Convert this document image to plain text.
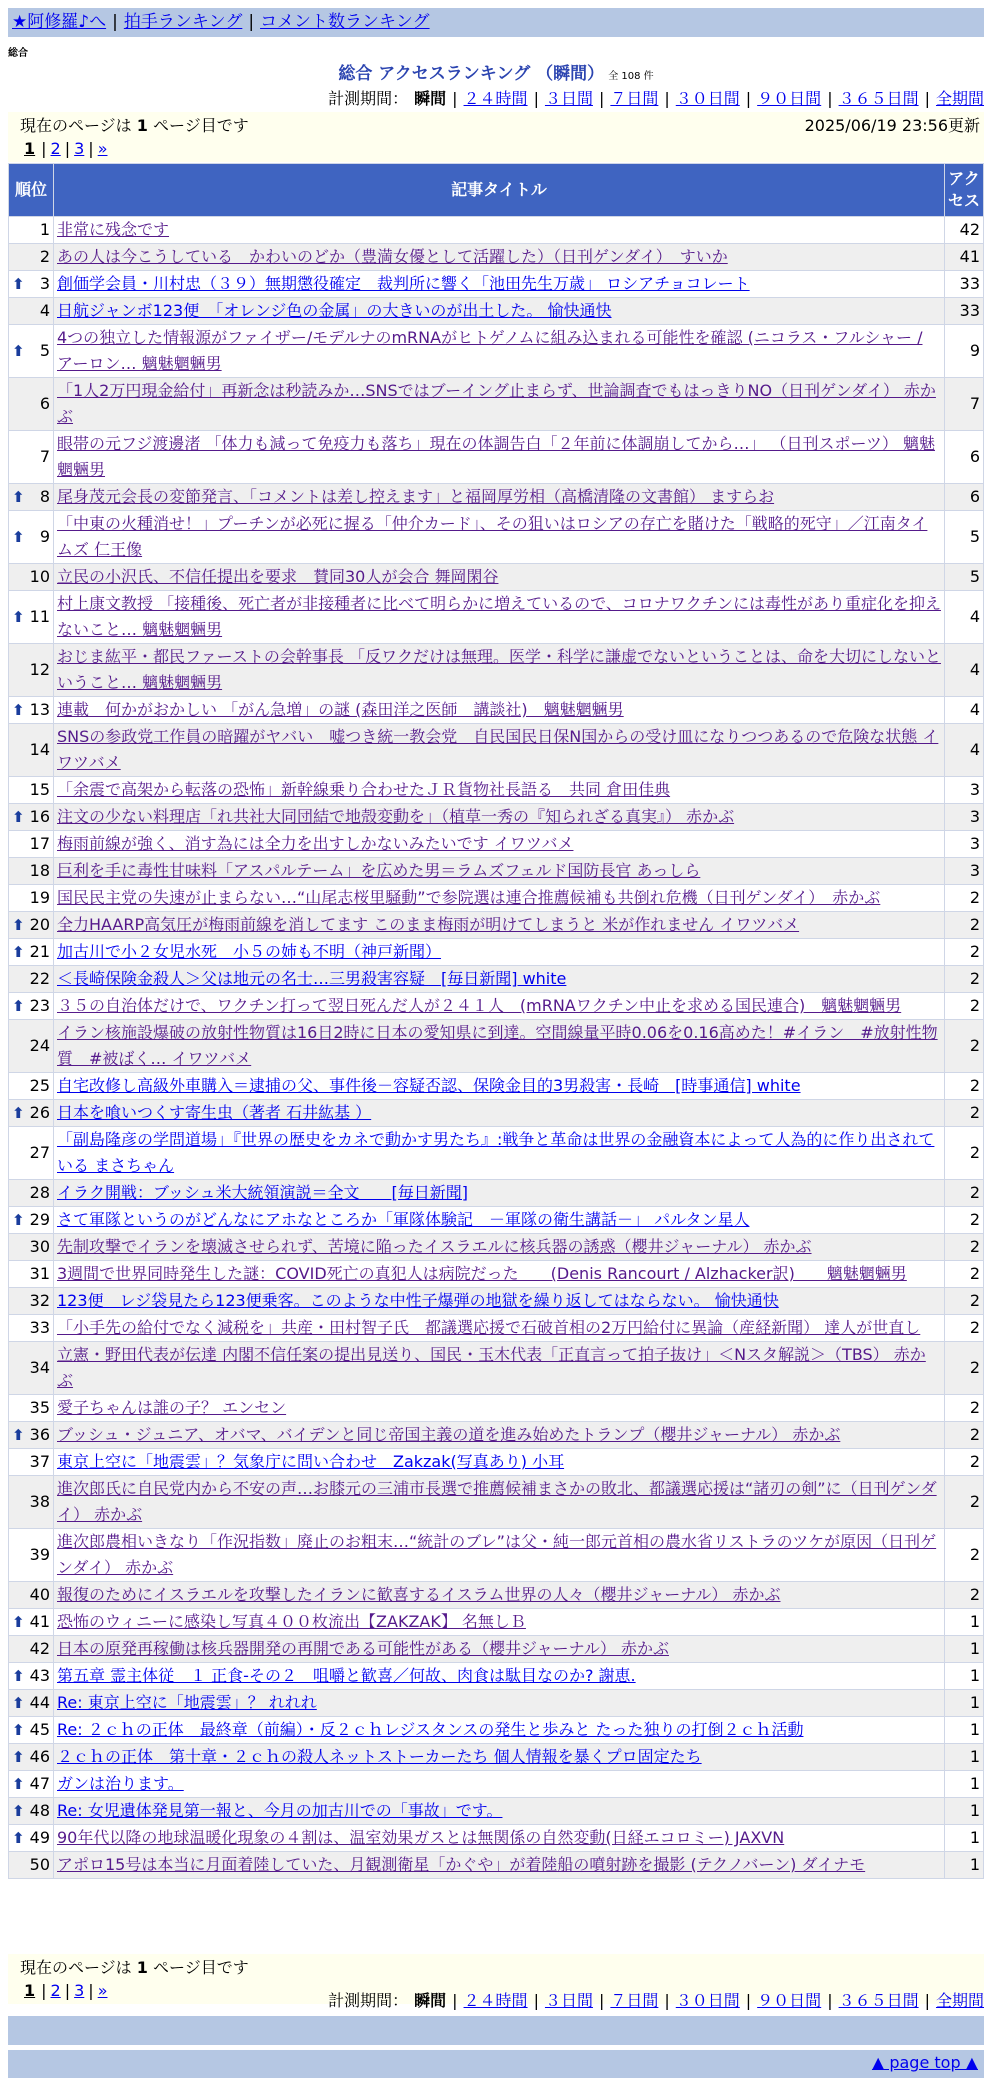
★阿修羅♪へ | 拍手ランキング | コメント数ランキング
総合
総合 アクセスランキング （瞬間） 全 108 件
計測期間： 瞬間 | ２４時間 | ３日間 | ７日間 | ３０日間 | ９０日間 | ３６５日間 | 全期間
現在のページは 1 ページ目です	2025/06/19 23:56更新
1 | 2 | 3 | »
順位	記事タイトル	アクセス
1	非常に残念です	42
2	あの人は今こうしている　かわいのどか（豊満女優として活躍した）（日刊ゲンダイ）　すいか	41

⬆ 3	創価学会員・川村忠（３９）無期懲役確定　裁判所に響く「池田先生万歳」 ロシアチョコレート	33
4	日航ジャンボ123便　「オレンジ色の金属」の大きいのが出土した。 愉快通快	33

⬆ 5	4つの独立した情報源がファイザー/モデルナのmRNAがヒトゲノムに組み込まれる可能性を確認 (ニコラス・フルシャー / アーロン… 魑魅魍魎男	9
6	「1人2万円現金給付」再新念は秒読みか…SNSではブーイング止まらず、世論調査でもはっきりNO（日刊ゲンダイ） 赤かぶ	7
7	眼帯の元フジ渡邊渚 「体力も減って免疫力も落ち」現在の体調告白「２年前に体調崩してから…」 （日刊スポーツ） 魑魅魍魎男	6

⬆ 8	尾身茂元会長の変節発言、「コメントは差し控えます」と福岡厚労相（高橋清隆の文書館） ますらお	6

⬆ 9	「中東の火種消せ！」プーチンが必死に握る「仲介カード」、その狙いはロシアの存亡を賭けた「戦略的死守」／江南タイムズ 仁王像	5
10	立民の小沢氏、不信任提出を要求　賛同30人が会合 舞岡閑谷	5

⬆ 11	村上康文教授 「接種後、死亡者が非接種者に比べて明らかに増えているので、コロナワクチンには毒性があり重症化を抑えないこと… 魑魅魍魎男	4
12	おじま紘平・都民ファーストの会幹事長 「反ワクだけは無理。医学・科学に謙虚でないということは、命を大切にしないということ… 魑魅魍魎男	4

⬆ 13	連載　何かがおかしい 「がん急増」の謎 (森田洋之医師　講談社)　魑魅魍魎男	4
14	SNSの参政党工作員の暗躍がヤバい　嘘つき統一教会党　自民国民日保N国からの受け皿になりつつあるので危険な状態 イワツバメ	4
15	「余震で高架から転落の恐怖」新幹線乗り合わせたＪＲ貨物社長語る　共同 倉田佳典	3

⬆ 16	注文の少ない料理店「れ共社大同団結で地殻変動を」（植草一秀の『知られざる真実』） 赤かぶ	3
17	梅雨前線が強く、消す為には全力を出すしかないみたいです イワツバメ	3
18	巨利を手に毒性甘味料「アスパルテーム」を広めた男＝ラムズフェルド国防長官 あっしら	3
19	国民民主党の失速が止まらない…“山尾志桜里騒動”で参院選は連合推薦候補も共倒れ危機（日刊ゲンダイ）　赤かぶ	2

⬆ 20	全力HAARP高気圧が梅雨前線を消してます このまま梅雨が明けてしまうと 米が作れません イワツバメ	2

⬆ 21	加古川で小２女児水死　小５の姉も不明（神戸新聞）	2
22	＜長崎保険金殺人＞父は地元の名士…三男殺害容疑　[毎日新聞] white	2

⬆ 23	３５の自治体だけで、ワクチン打って翌日死んだ人が２４１人　(mRNAワクチン中止を求める国民連合)　魑魅魍魎男	2
24	イラン核施設爆破の放射性物質は16日2時に日本の愛知県に到達。空間線量平時0.06を0.16高めた！#イラン　#放射性物質　#被ばく… イワツバメ	2
25	自宅改修し高級外車購入＝逮捕の父、事件後－容疑否認、保険金目的3男殺害・長崎　[時事通信] white	2

⬆ 26	日本を喰いつくす寄生虫（著者 石井紘基 ）	2
27	「副島隆彦の学問道場」『世界の歴史をカネで動かす男たち』:戦争と革命は世界の金融資本によって人為的に作り出されている まさちゃん	2
28	イラク開戦：ブッシュ米大統領演説＝全文　　[毎日新聞]	2

⬆ 29	さて軍隊というのがどんなにアホなところか「軍隊体験記　－軍隊の衛生講話－」 パルタン星人	2
30	先制攻撃でイランを壊滅させられず、苦境に陥ったイスラエルに核兵器の誘惑（櫻井ジャーナル） 赤かぶ	2
31	3週間で世界同時発生した謎：COVID死亡の真犯人は病院だった　　(Denis Rancourt / Alzhacker訳)　　魑魅魍魎男	2
32	123便　レジ袋見たら123便乗客。このような中性子爆弾の地獄を繰り返してはならない。 愉快通快	2
33	「小手先の給付でなく減税を」共産・田村智子氏　都議選応援で石破首相の2万円給付に異論（産経新聞） 達人が世直し	2
34	立憲・野田代表が伝達 内閣不信任案の提出見送り、国民・玉木代表「正直言って拍子抜け」＜Nスタ解説＞（TBS） 赤かぶ	2
35	愛子ちゃんは誰の子？ エンセン	2

⬆ 36	ブッシュ・ジュニア、オバマ、バイデンと同じ帝国主義の道を進み始めたトランプ（櫻井ジャーナル） 赤かぶ	2
37	東京上空に「地震雲」？気象庁に問い合わせ　Zakzak(写真あり) 小耳	2
38	進次郎氏に自民党内から不安の声…お膝元の三浦市長選で推薦候補まさかの敗北、都議選応援は“諸刃の剣”に（日刊ゲンダイ） 赤かぶ	2
39	進次郎農相いきなり「作況指数」廃止のお粗末…“統計のブレ”は父・純一郎元首相の農水省リストラのツケが原因（日刊ゲンダイ） 赤かぶ	2
40	報復のためにイスラエルを攻撃したイランに歓喜するイスラム世界の人々（櫻井ジャーナル） 赤かぶ	2

⬆ 41	恐怖のウィニーに感染し写真４００枚流出【ZAKZAK】 名無しＢ	1
42	日本の原発再稼働は核兵器開発の再開である可能性がある（櫻井ジャーナル） 赤かぶ	1

⬆ 43	第五章 霊主体従　１ 正食-その２　咀嚼と歓喜／何故、肉食は駄目なのか? 謝恵.	1

⬆ 44	Re: 東京上空に「地震雲」？ れれれ	1

⬆ 45	Re: ２ｃｈの正体　最終章（前編）・反２ｃｈレジスタンスの発生と歩みと たった独りの打倒２ｃｈ活動	1

⬆ 46	２ｃｈの正体　第十章・２ｃｈの殺人ネットストーカーたち 個人情報を暴くプロ固定たち	1

⬆ 47	ガンは治ります。	1

⬆ 48	Re: 女児遺体発見第一報と、今月の加古川での「事故」です。	1

⬆ 49	90年代以降の地球温暖化現象の４割は、温室効果ガスとは無関係の自然変動(日経エコロミー) JAXVN	1
50	アポロ15号は本当に月面着陸していた、月観測衛星「かぐや」が着陸船の噴射跡を撮影 (テクノバーン) ダイナモ	1
現在のページは 1 ページ目です
1 | 2 | 3 | »
計測期間： 瞬間 | ２４時間 | ３日間 | ７日間 | ３０日間 | ９０日間 | ３６５日間 | 全期間
▲ page top ▲
